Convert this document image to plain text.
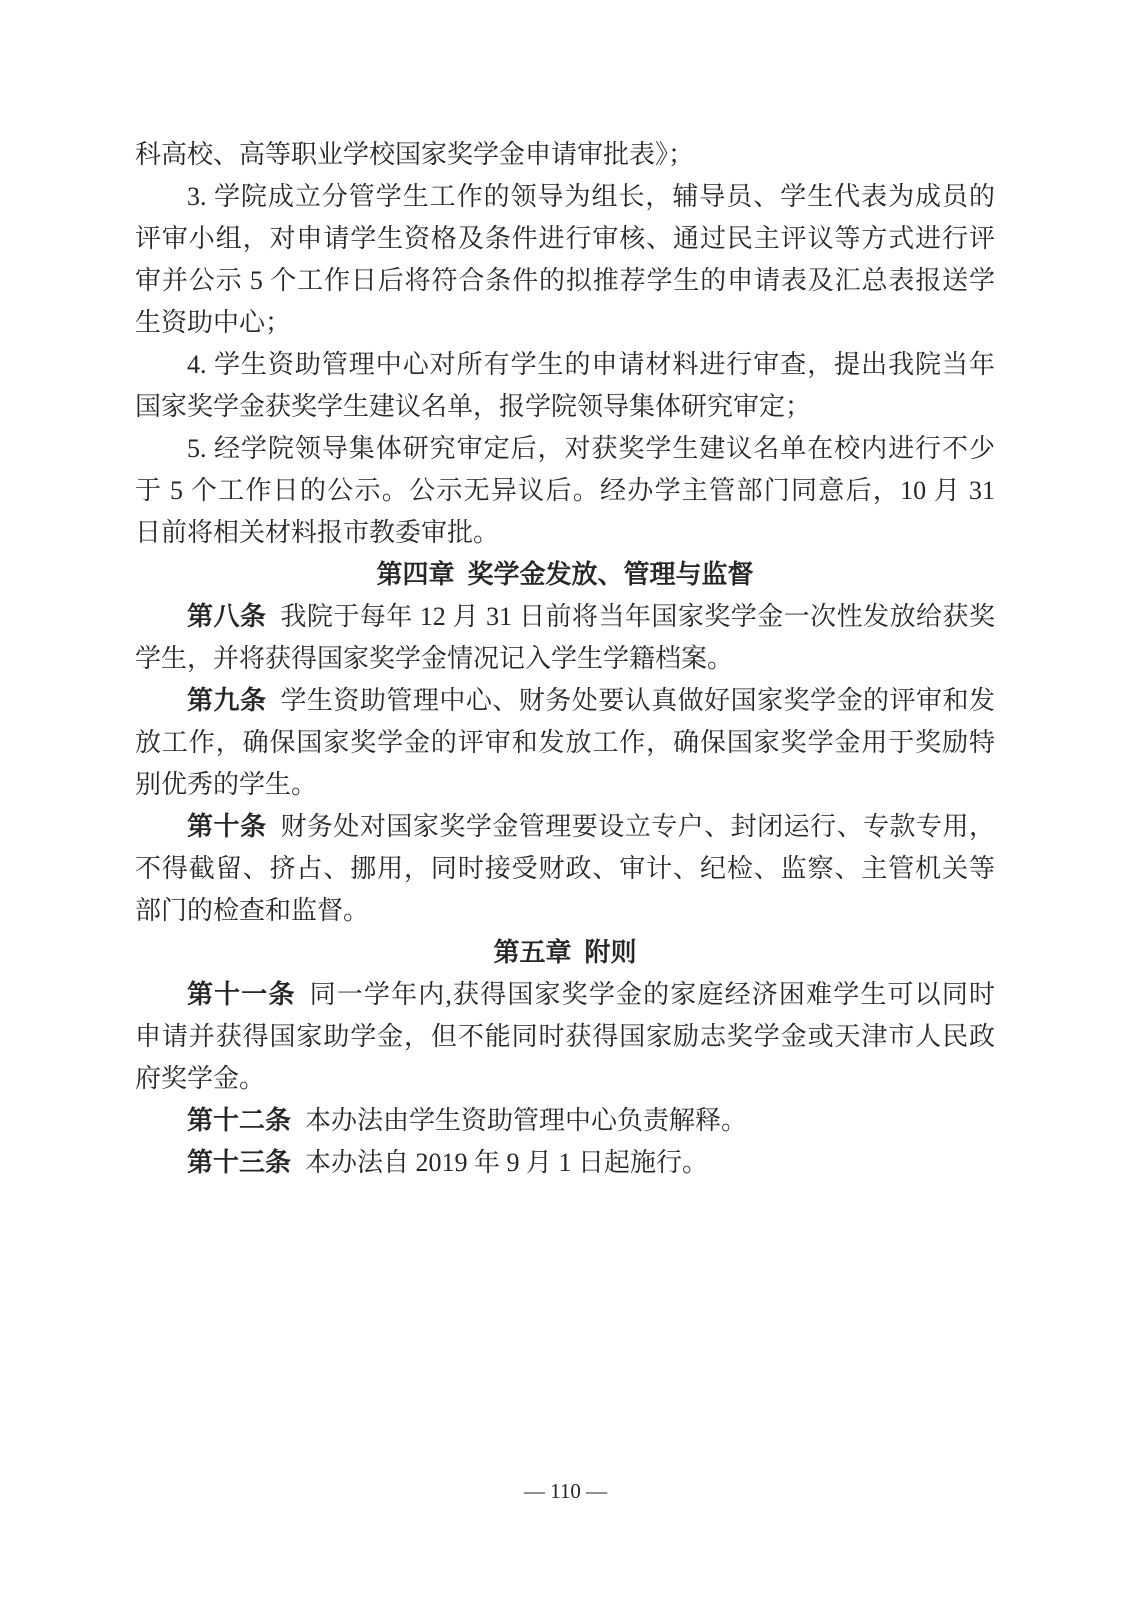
科高校、高等职业学校国家奖学金申请审批表》；
3. 学院成立分管学生工作的领导为组长，辅导员、学生代表为成员的
评审小组，对申请学生资格及条件进行审核、通过民主评议等方式进行评
审并公示 5 个工作日后将符合条件的拟推荐学生的申请表及汇总表报送学
生资助中心；
4. 学生资助管理中心对所有学生的申请材料进行审查，提出我院当年
国家奖学金获奖学生建议名单，报学院领导集体研究审定；
5. 经学院领导集体研究审定后，对获奖学生建议名单在校内进行不少
于 5 个工作日的公示。公示无异议后。经办学主管部门同意后，10 月 31
日前将相关材料报市教委审批。
第四章 奖学金发放、管理与监督
第八条 我院于每年 12 月 31 日前将当年国家奖学金一次性发放给获奖
学生，并将获得国家奖学金情况记入学生学籍档案。
第九条 学生资助管理中心、财务处要认真做好国家奖学金的评审和发
放工作，确保国家奖学金的评审和发放工作，确保国家奖学金用于奖励特
别优秀的学生。
第十条 财务处对国家奖学金管理要设立专户、封闭运行、专款专用，
不得截留、挤占、挪用，同时接受财政、审计、纪检、监察、主管机关等
部门的检查和监督。
第五章 附则
第十一条 同一学年内,获得国家奖学金的家庭经济困难学生可以同时
申请并获得国家助学金，但不能同时获得国家励志奖学金或天津市人民政
府奖学金。
第十二条 本办法由学生资助管理中心负责解释。
第十三条 本办法自 2019 年 9 月 1 日起施行。
— 110 —
